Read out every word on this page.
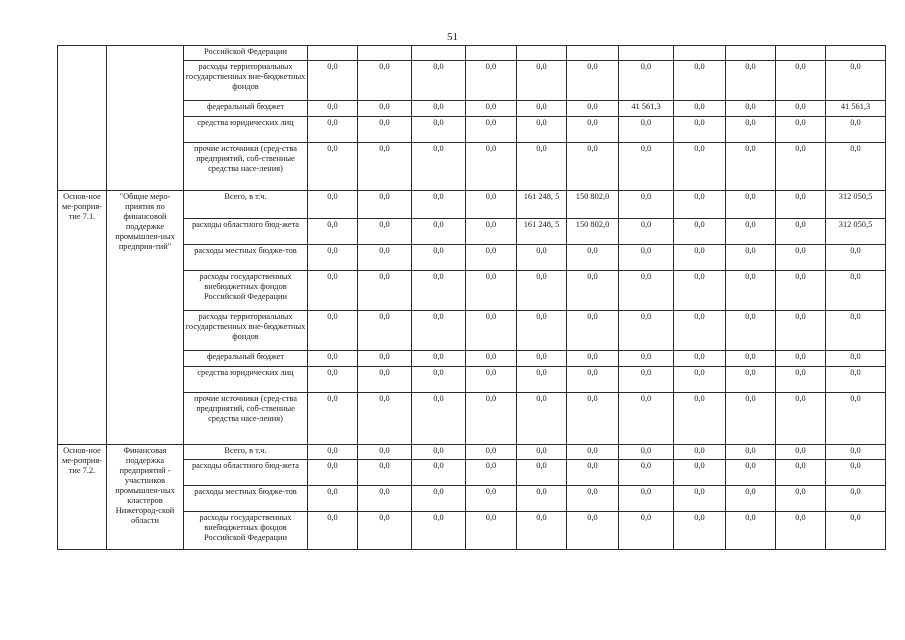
51
		Российской Федерации											
		расходы территориальных государственных вне-бюджетных фондов	0,0	0,0	0,0	0,0	0,0	0,0	0,0	0,0	0,0	0,0	0,0
		федеральный бюджет	0,0	0,0	0,0	0,0	0,0	0,0	41 561,3	0,0	0,0	0,0	41 561,3
		средства юридических лиц	0,0	0,0	0,0	0,0	0,0	0,0	0,0	0,0	0,0	0,0	0,0
		прочие источники (сред-ства предприятий, соб-ственные средства насе-ления)	0,0	0,0	0,0	0,0	0,0	0,0	0,0	0,0	0,0	0,0	0,0
Основ-ное ме-роприя-тие 7.1.	"Общие меро-приятия по финансовой поддержке промышлен-ных предприя-тий"	Всего, в т.ч.	0,0	0,0	0,0	0,0	161 248, 5	150 802,0	0,0	0,0	0,0	0,0	312 050,5
		расходы областного бюд-жета	0,0	0,0	0,0	0,0	161 248, 5	150 802,0	0,0	0,0	0,0	0,0	312 050,5
		расходы местных бюдже-тов	0,0	0,0	0,0	0,0	0,0	0,0	0,0	0,0	0,0	0,0	0,0
		расходы государственных внебюджетных фондов Российской Федерации	0,0	0,0	0,0	0,0	0,0	0,0	0,0	0,0	0,0	0,0	0,0
		расходы территориальных государственных вне-бюджетных фондов	0,0	0,0	0,0	0,0	0,0	0,0	0,0	0,0	0,0	0,0	0,0
		федеральный бюджет	0,0	0,0	0,0	0,0	0,0	0,0	0,0	0,0	0,0	0,0	0,0
		средства юридических лиц	0,0	0,0	0,0	0,0	0,0	0,0	0,0	0,0	0,0	0,0	0,0
		прочие источники (сред-ства предприятий, соб-ственные средства насе-ления)	0,0	0,0	0,0	0,0	0,0	0,0	0,0	0,0	0,0	0,0	0,0
Основ-ное ме-роприя-тие 7.2.	Финансовая поддержка предприятий - участников промышлен-ных кластеров Нижегород-ской области	Всего, в т.ч.	0,0	0,0	0,0	0,0	0,0	0,0	0,0	0,0	0,0	0,0	0,0
		расходы областного бюд-жета	0,0	0,0	0,0	0,0	0,0	0,0	0,0	0,0	0,0	0,0	0,0
		расходы местных бюдже-тов	0,0	0,0	0,0	0,0	0,0	0,0	0,0	0,0	0,0	0,0	0,0
		расходы государственных внебюджетных фондов Российской Федерации	0,0	0,0	0,0	0,0	0,0	0,0	0,0	0,0	0,0	0,0	0,0
